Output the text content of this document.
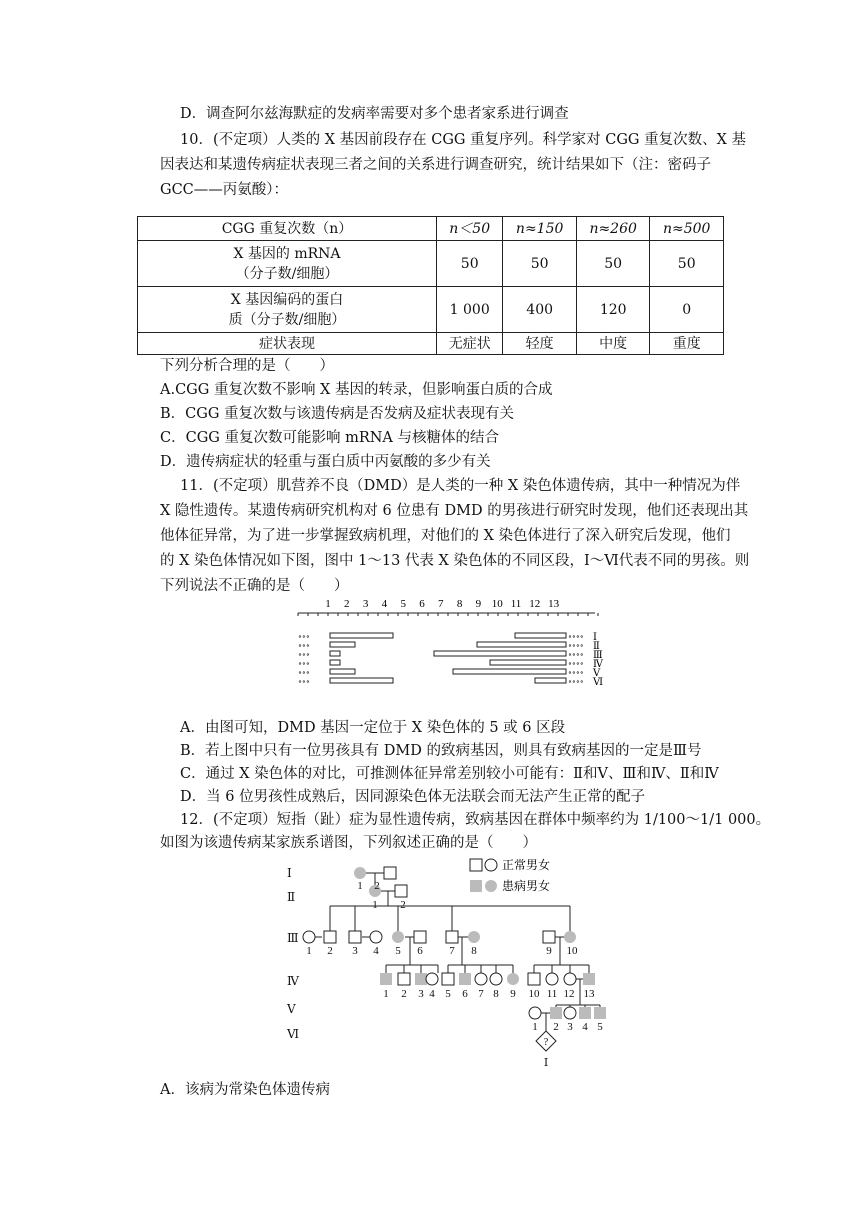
D．调查阿尔兹海默症的发病率需要对多个患者家系进行调查
10．(不定项）人类的 X 基因前段存在 CGG 重复序列。科学家对 CGG 重复次数、X 基
因表达和某遗传病症状表现三者之间的关系进行调查研究，统计结果如下（注：密码子
GCC——丙氨酸）：
CGG 重复次数（n）	n＜50	n≈150	n≈260	n≈500

X 基因的 mRNA
（分子数/细胞）	50	50	50	50

X 基因编码的蛋白
质（分子数/细胞）	1 000	400	120	0
症状表现	无症状	轻度	中度	重度
下列分析合理的是（　　）
A.CGG 重复次数不影响 X 基因的转录，但影响蛋白质的合成
B．CGG 重复次数与该遗传病是否发病及症状表现有关
C．CGG 重复次数可能影响 mRNA 与核糖体的结合
D．遗传病症状的轻重与蛋白质中丙氨酸的多少有关
11．(不定项）肌营养不良（DMD）是人类的一种 X 染色体遗传病，其中一种情况为伴
X 隐性遗传。某遗传病研究机构对 6 位患有 DMD 的男孩进行研究时发现，他们还表现出其
他体征异常，为了进一步掌握致病机理，对他们的 X 染色体进行了深入研究后发现，他们
的 X 染色体情况如下图，图中 1～13 代表 X 染色体的不同区段，Ⅰ～Ⅵ代表不同的男孩。则
下列说法不正确的是（　　）
1 2 3 4 5 6 7 8 9 10 11 12 13
∘∘∘	∘∘∘∘ Ⅰ
∘∘∘	∘∘∘∘ Ⅱ
∘∘∘	∘∘∘∘ Ⅲ
∘∘∘	∘∘∘∘ Ⅳ
∘∘∘	∘∘∘∘ Ⅴ
∘∘∘	∘∘∘∘ Ⅵ
A．由图可知，DMD 基因一定位于 X 染色体的 5 或 6 区段
B．若上图中只有一位男孩具有 DMD 的致病基因，则具有致病基因的一定是Ⅲ号
C．通过 X 染色体的对比，可推测体征异常差别较小可能有：Ⅱ和Ⅴ、Ⅲ和Ⅳ、Ⅱ和Ⅳ
D．当 6 位男孩性成熟后，因同源染色体无法联会而无法产生正常的配子
12．(不定项）短指（趾）症为显性遗传病，致病基因在群体中频率约为 1/100～1/1 000。
如图为该遗传病某家族系谱图，下列叙述正确的是（　　）
Ⅰ
Ⅱ
Ⅲ
Ⅳ
Ⅴ
Ⅵ
正常男女
患病男女
?
1 2
1 2
1 2 3 4 5 6 7 8	9 10
1 2 3 4 5 6 7 8 9 10 11 12 13
1 2 3 4 5
Ⅰ
A．该病为常染色体遗传病
